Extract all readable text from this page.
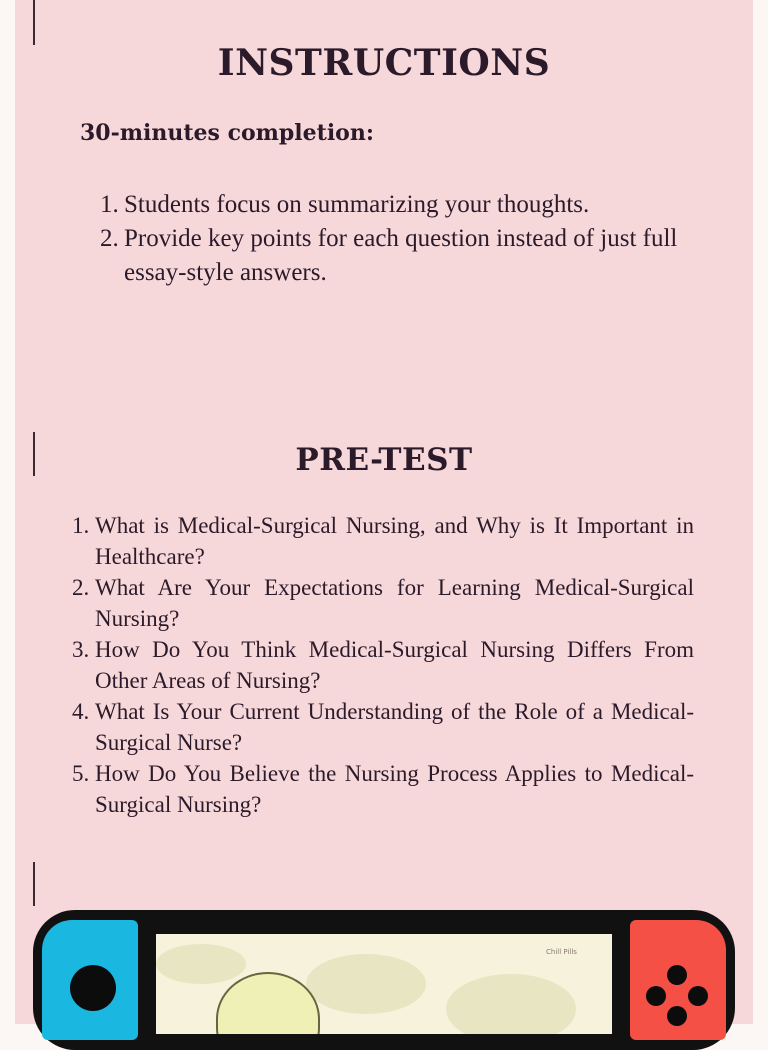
INSTRUCTIONS
30-minutes completion:
1. Students focus on summarizing your thoughts.
2. Provide key points for each question instead of just full essay-style answers.
PRE-TEST
1. What is Medical-Surgical Nursing, and Why is It Important in Healthcare?
2. What Are Your Expectations for Learning Medical-Surgical Nursing?
3. How Do You Think Medical-Surgical Nursing Differs From Other Areas of Nursing?
4. What Is Your Current Understanding of the Role of a Medical-Surgical Nurse?
5. How Do You Believe the Nursing Process Applies to Medical-Surgical Nursing?
Chill Pills
